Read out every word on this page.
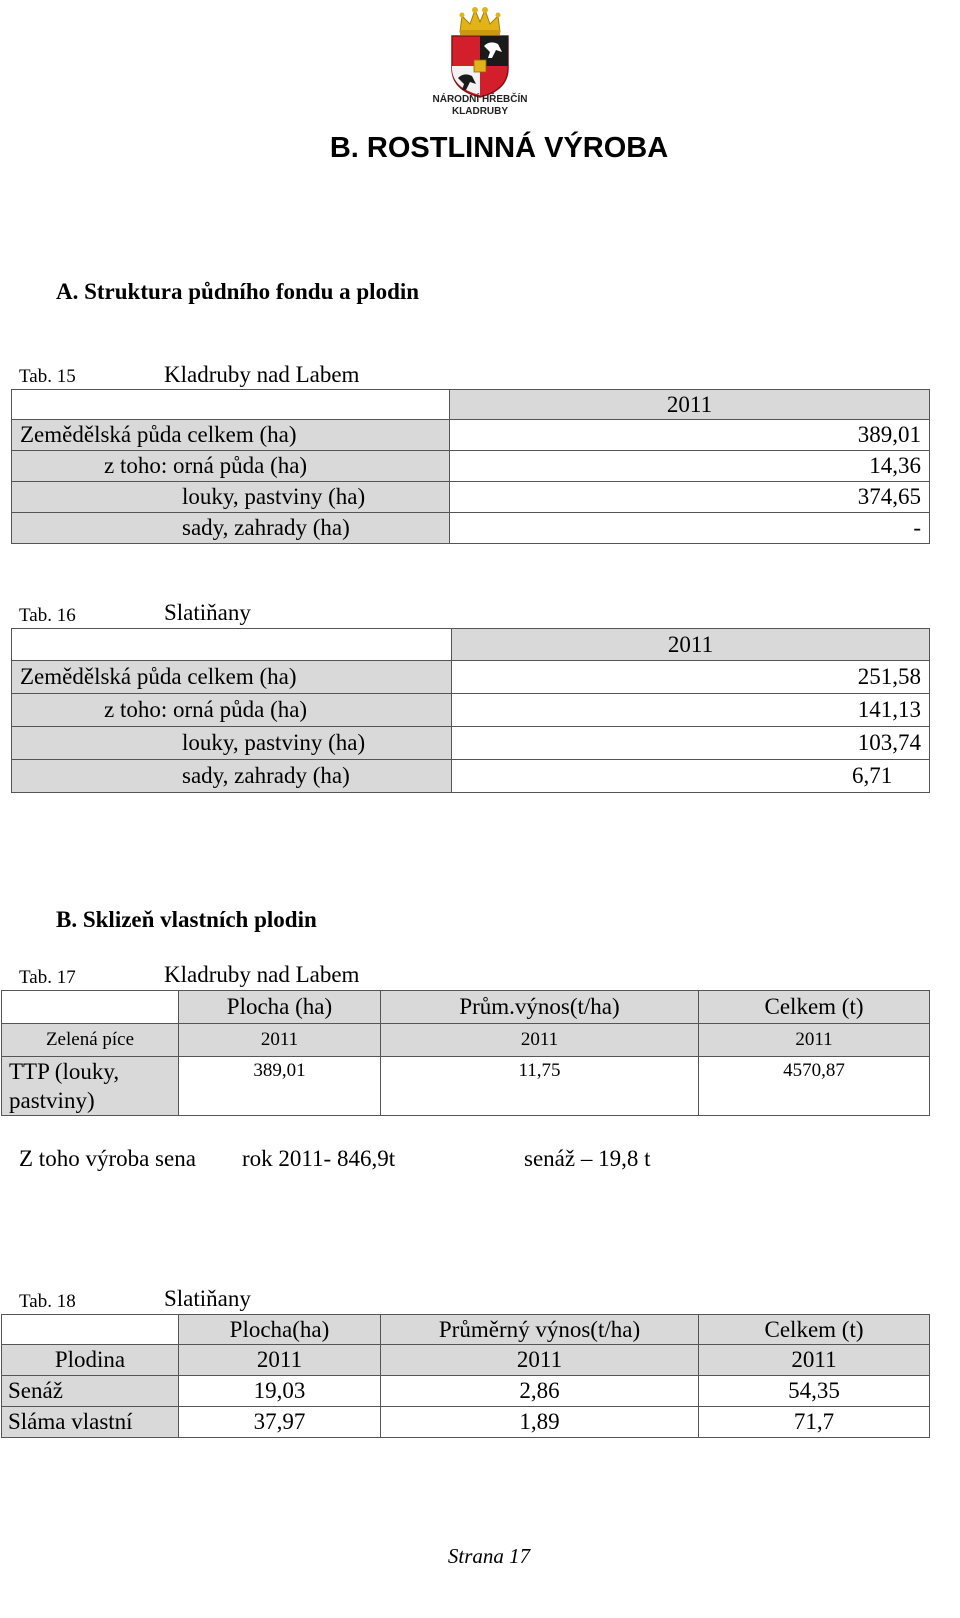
NÁRODNÍ HŘEBČÍN
KLADRUBY
B. ROSTLINNÁ VÝROBA
A. Struktura půdního fondu a plodin
Tab. 15	Kladruby nad Labem
	2011
Zemědělská půda celkem (ha)	389,01
z toho: orná půda (ha)	14,36
louky, pastviny (ha)	374,65
sady, zahrady (ha)	-
Tab. 16	Slatiňany
	2011
Zemědělská půda celkem (ha)	251,58
z toho: orná půda (ha)	141,13
louky, pastviny (ha)	103,74
sady, zahrady (ha)	6,71
B. Sklizeň vlastních plodin
Tab. 17	Kladruby nad Labem
	Plocha (ha)	Prům.výnos(t/ha)	Celkem (t)
Zelená píce	2011	2011	2011
TTP (louky, pastviny)	389,01	11,75	4570,87
Z toho výroba sena rok 2011- 846,9t	senáž – 19,8 t
Tab. 18	Slatiňany
	Plocha(ha)	Průměrný výnos(t/ha)	Celkem (t)
Plodina	2011	2011	2011
Senáž	19,03	2,86	54,35
Sláma vlastní	37,97	1,89	71,7
Strana 17
